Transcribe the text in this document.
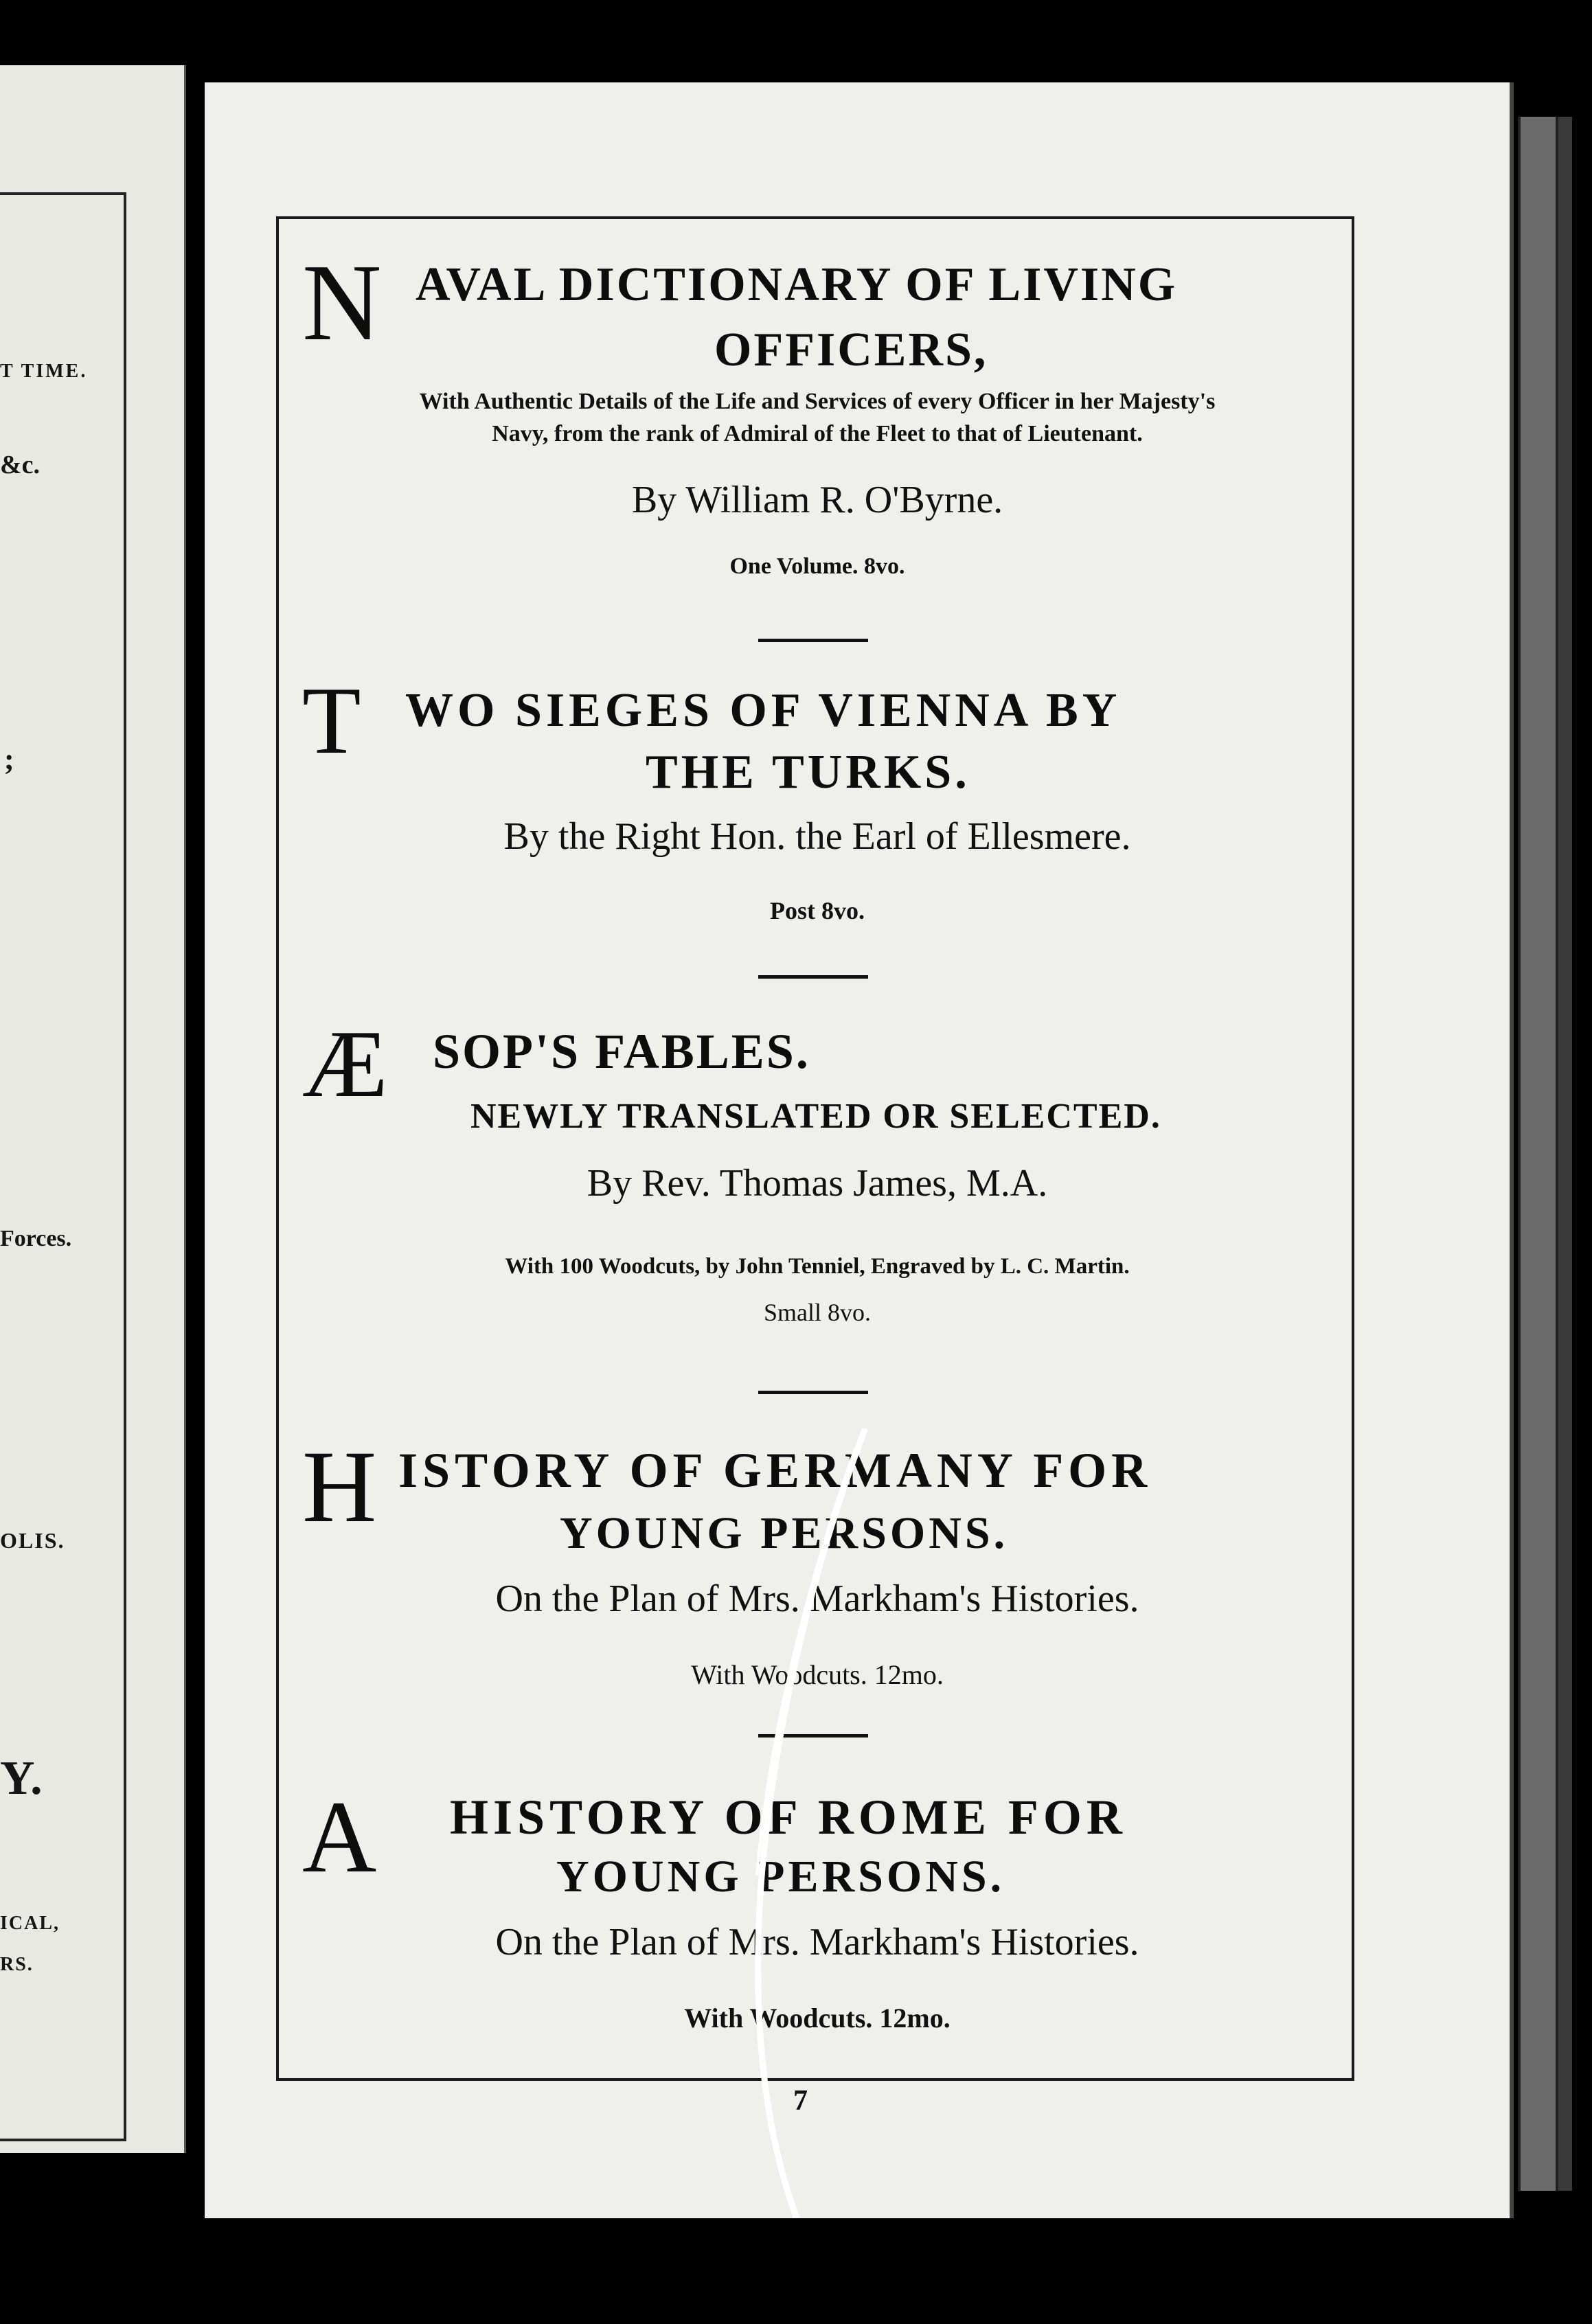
T TIME.
&c.
;
Forces.
OLIS.
Y.
ICAL,
RS.
N AVAL DICTIONARY OF LIVING
OFFICERS,
With Authentic Details of the Life and Services of every Officer in her Majesty's
Navy, from the rank of Admiral of the Fleet to that of Lieutenant.
By William R. O'Byrne.
One Volume. 8vo.
T WO SIEGES OF VIENNA BY
THE TURKS.
By the Right Hon. the Earl of Ellesmere.
Post 8vo.
Æ SOP'S FABLES.
NEWLY TRANSLATED OR SELECTED.
By Rev. Thomas James, M.A.
With 100 Woodcuts, by John Tenniel, Engraved by L. C. Martin.
Small 8vo.
H ISTORY OF GERMANY FOR
YOUNG PERSONS.
On the Plan of Mrs. Markham's Histories.
With Woodcuts. 12mo.
A HISTORY OF ROME FOR
YOUNG PERSONS.
On the Plan of Mrs. Markham's Histories.
With Woodcuts. 12mo.
7
